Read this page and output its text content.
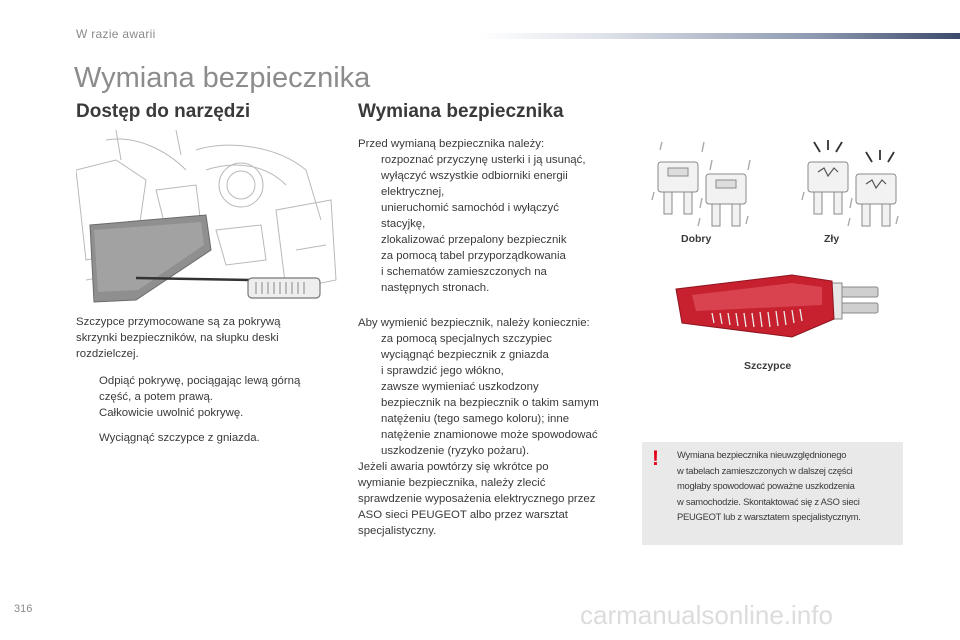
W razie awarii
Wymiana bezpiecznika
Dostęp do narzędzi
Szczypce przymocowane są za pokrywą
skrzynki bezpieczników, na słupku deski
rozdzielczej.
Odpiąć pokrywę, pociągając lewą górną
część, a potem prawą.
Całkowicie uwolnić pokrywę.
Wyciągnąć szczypce z gniazda.
Wymiana bezpiecznika
Przed wymianą bezpiecznika należy:
rozpoznać przyczynę usterki i ją usunąć,
wyłączyć wszystkie odbiorniki energii
elektrycznej,
unieruchomić samochód i wyłączyć
stacyjkę,
zlokalizować przepalony bezpiecznik
za pomocą tabel przyporządkowania
i schematów zamieszczonych na
następnych stronach.
Aby wymienić bezpiecznik, należy koniecznie:
za pomocą specjalnych szczypiec
wyciągnąć bezpiecznik z gniazda
i sprawdzić jego włókno,
zawsze wymieniać uszkodzony
bezpiecznik na bezpiecznik o takim samym
natężeniu (tego samego koloru); inne
natężenie znamionowe może spowodować
uszkodzenie (ryzyko pożaru).
Jeżeli awaria powtórzy się wkrótce po
wymianie bezpiecznika, należy zlecić
sprawdzenie wyposażenia elektrycznego przez
ASO sieci PEUGEOT albo przez warsztat
specjalistyczny.
Dobry	Zły
Szczypce
! Wymiana bezpiecznika nieuwzględnionego
w tabelach zamieszczonych w dalszej części
mogłaby spowodować poważne uszkodzenia
w samochodzie. Skontaktować się z ASO sieci
PEUGEOT lub z warsztatem specjalistycznym.
316	carmanualsonline.info
